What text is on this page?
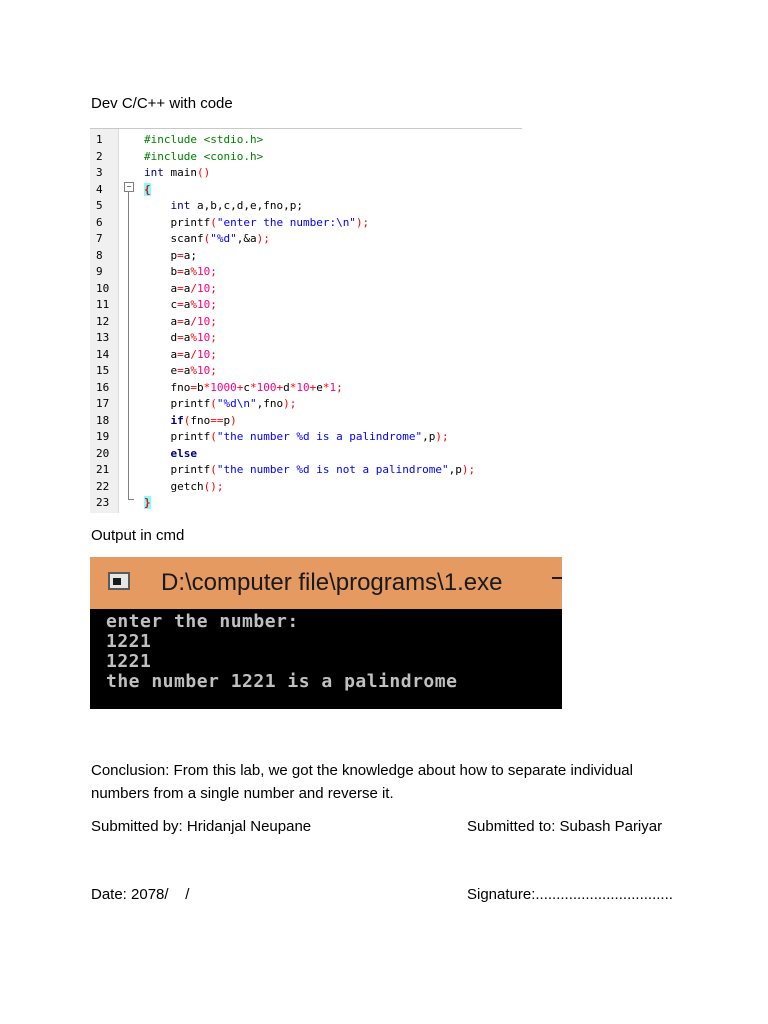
Dev C/C++ with code
−
1	#include <stdio.h>
2	#include <conio.h>
3	int main()
4	{
5	int a,b,c,d,e,fno,p;
6	printf("enter the number:\n");
7	scanf("%d",&a);
8	p=a;
9	b=a%10;
10	a=a/10;
11	c=a%10;
12	a=a/10;
13	d=a%10;
14	a=a/10;
15	e=a%10;
16	fno=b*1000+c*100+d*10+e*1;
17	printf("%d\n",fno);
18	if(fno==p)
19	printf("the number %d is a palindrome",p);
20	else
21	printf("the number %d is not a palindrome",p);
22	getch();
23	}
Output in cmd
D:\computer file\programs\1.exe
enter the number:
1221
1221
the number 1221 is a palindrome
Conclusion: From this lab, we got the knowledge about how to separate individual numbers from a single number and reverse it.
Submitted by: Hridanjal Neupane	Submitted to: Subash Pariyar
Date: 2078/    /	Signature:.................................
